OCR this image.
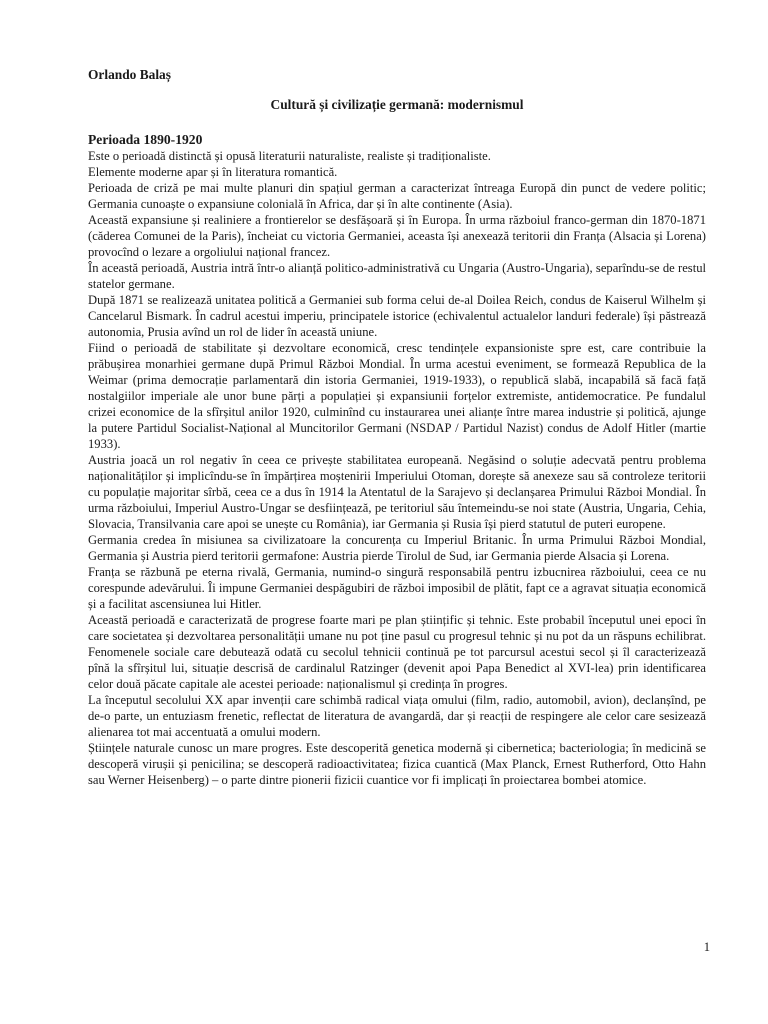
Orlando Balaș

Cultură și civilizație germană: modernismul

Perioada 1890-1920

Este o perioadă distinctă și opusă literaturii naturaliste, realiste și tradiționaliste.

Elemente moderne apar și în literatura romantică.

Perioada de criză pe mai multe planuri din spațiul german a caracterizat întreaga Europă din punct de vedere politic; Germania cunoaște o expansiune colonială în Africa, dar și în alte continente (Asia).

Această expansiune și realiniere a frontierelor se desfășoară și în Europa. În urma războiul franco-german din 1870-1871 (căderea Comunei de la Paris), încheiat cu victoria Germaniei, aceasta își anexează teritorii din Franța (Alsacia și Lorena) provocînd o lezare a orgoliului național francez.

În această perioadă, Austria intră într-o alianță politico-administrativă cu Ungaria (Austro-Ungaria), separîndu-se de restul statelor germane.

După 1871 se realizează unitatea politică a Germaniei sub forma celui de-al Doilea Reich, condus de Kaiserul Wilhelm și Cancelarul Bismark. În cadrul acestui imperiu, principatele istorice (echivalentul actualelor landuri federale) își păstrează autonomia, Prusia avînd un rol de lider în această uniune.

Fiind o perioadă de stabilitate și dezvoltare economică, cresc tendințele expansioniste spre est, care contribuie la prăbușirea monarhiei germane după Primul Război Mondial. În urma acestui eveniment, se formează Republica de la Weimar (prima democrație parlamentară din istoria Germaniei, 1919-1933), o republică slabă, incapabilă să facă față nostalgiilor imperiale ale unor bune părți a populației și expansiunii forțelor extremiste, antidemocratice. Pe fundalul crizei economice de la sfîrșitul anilor 1920, culminînd cu instaurarea unei alianțe între marea industrie și politică, ajunge la putere Partidul Socialist-Național al Muncitorilor Germani (NSDAP / Partidul Nazist) condus de Adolf Hitler (martie 1933).

Austria joacă un rol negativ în ceea ce privește stabilitatea europeană. Negăsind o soluție adecvată pentru problema naționalităților și implicîndu-se în împărțirea moștenirii Imperiului Otoman, dorește să anexeze sau să controleze teritorii cu populație majoritar sîrbă, ceea ce a dus în 1914 la Atentatul de la Sarajevo și declanșarea Primului Război Mondial. În urma războiului, Imperiul Austro-Ungar se desființează, pe teritoriul său întemeindu-se noi state (Austria, Ungaria, Cehia, Slovacia, Transilvania care apoi se unește cu România), iar Germania și Rusia își pierd statutul de puteri europene.

Germania credea în misiunea sa civilizatoare la concurența cu Imperiul Britanic. În urma Primului Război Mondial, Germania și Austria pierd teritorii germafone: Austria pierde Tirolul de Sud, iar Germania pierde Alsacia și Lorena.

Franța se răzbună pe eterna rivală, Germania, numind-o singură responsabilă pentru izbucnirea războiului, ceea ce nu corespunde adevărului. Îi impune Germaniei despăgubiri de război imposibil de plătit, fapt ce a agravat situația economică și a facilitat ascensiunea lui Hitler.

Această perioadă e caracterizată de progrese foarte mari pe plan științific și tehnic. Este probabil începutul unei epoci în care societatea și dezvoltarea personalității umane nu pot ține pasul cu progresul tehnic și nu pot da un răspuns echilibrat. Fenomenele sociale care debutează odată cu secolul tehnicii continuă pe tot parcursul acestui secol și îl caracterizează pînă la sfîrșitul lui, situație descrisă de cardinalul Ratzinger (devenit apoi Papa Benedict al XVI-lea) prin identificarea celor două păcate capitale ale acestei perioade: naționalismul și credința în progres.

La începutul secolului XX apar invenții care schimbă radical viața omului (film, radio, automobil, avion), declanșînd, pe de-o parte, un entuziasm frenetic, reflectat de literatura de avangardă, dar și reacții de respingere ale celor care sesizează alienarea tot mai accentuată a omului modern.

Științele naturale cunosc un mare progres. Este descoperită genetica modernă și cibernetica; bacteriologia; în medicină se descoperă virușii și penicilina; se descoperă radioactivitatea; fizica cuantică (Max Planck, Ernest Rutherford, Otto Hahn sau Werner Heisenberg) – o parte dintre pionerii fizicii cuantice vor fi implicați în proiectarea bombei atomice.

1
